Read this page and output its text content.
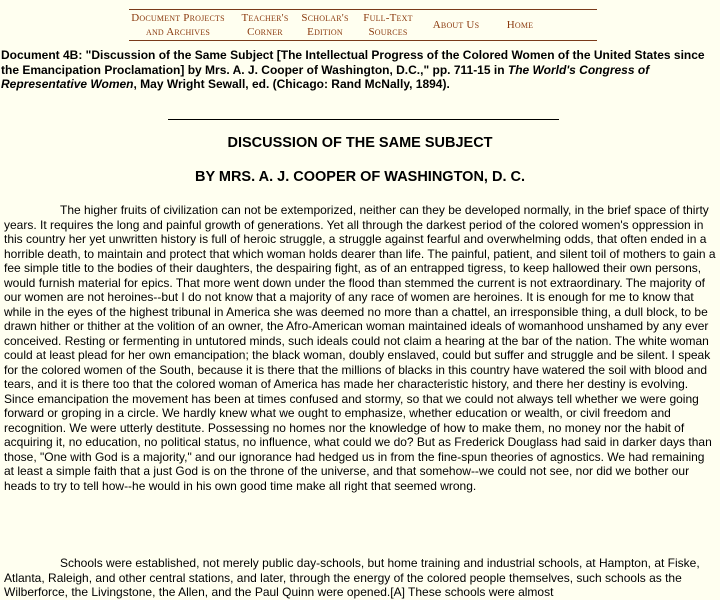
Document Projects and Archives
Teacher's Corner
Scholar's Edition
Full-Text Sources
About Us	Home
Document 4B: "Discussion of the Same Subject [The Intellectual Progress of the Colored Women of the United States since the Emancipation Proclamation] by Mrs. A. J. Cooper of Washington, D.C.," pp. 711-15 in The World's Congress of Representative Women, May Wright Sewall, ed. (Chicago: Rand McNally, 1894).
DISCUSSION OF THE SAME SUBJECT
BY MRS. A. J. COOPER OF WASHINGTON, D. C.

The higher fruits of civilization can not be extemporized, neither can they be developed normally, in the brief space of thirty years. It requires the long and painful growth of generations. Yet all through the darkest period of the colored women's oppression in this country her yet unwritten history is full of heroic struggle, a struggle against fearful and overwhelming odds, that often ended in a horrible death, to maintain and protect that which woman holds dearer than life. The painful, patient, and silent toil of mothers to gain a fee simple title to the bodies of their daughters, the despairing fight, as of an entrapped tigress, to keep hallowed their own persons, would furnish material for epics. That more went down under the flood than stemmed the current is not extraordinary. The majority of our women are not heroines--but I do not know that a majority of any race of women are heroines. It is enough for me to know that while in the eyes of the highest tribunal in America she was deemed no more than a chattel, an irresponsible thing, a dull block, to be drawn hither or thither at the volition of an owner, the Afro-American woman maintained ideals of womanhood unshamed by any ever conceived. Resting or fermenting in untutored minds, such ideals could not claim a hearing at the bar of the nation. The white woman could at least plead for her own emancipation; the black woman, doubly enslaved, could but suffer and struggle and be silent. I speak for the colored women of the South, because it is there that the millions of blacks in this country have watered the soil with blood and tears, and it is there too that the colored woman of America has made her characteristic history, and there her destiny is evolving. Since emancipation the movement has been at times confused and stormy, so that we could not always tell whether we were going forward or groping in a circle. We hardly knew what we ought to emphasize, whether education or wealth, or civil freedom and recognition. We were utterly destitute. Possessing no homes nor the knowledge of how to make them, no money nor the habit of acquiring it, no education, no political status, no influence, what could we do? But as Frederick Douglass had said in darker days than those, "One with God is a majority," and our ignorance had hedged us in from the fine-spun theories of agnostics. We had remaining at least a simple faith that a just God is on the throne of the universe, and that somehow--we could not see, nor did we bother our heads to try to tell how--he would in his own good time make all right that seemed wrong.

Schools were established, not merely public day-schools, but home training and industrial schools, at Hampton, at Fiske, Atlanta, Raleigh, and other central stations, and later, through the energy of the colored people themselves, such schools as the Wilberforce, the Livingstone, the Allen, and the Paul Quinn were opened.[A] These schools were almost
